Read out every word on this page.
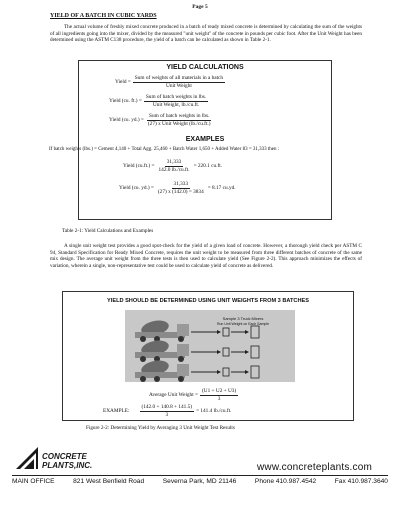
Page 5
YIELD OF A BATCH IN CUBIC YARDS
The actual volume of freshly mixed concrete produced in a batch of ready mixed concrete is determined by calculating the sum of the weights of all ingredients going into the mixer, divided by the measured "unit weight" of the concrete in pounds per cubic foot. After the Unit Weight has been determined using the ASTM C138 procedure, the yield of a batch can be calculated as shown in Table 2-1.
YIELD CALCULATIONS
Yield = $\frac{\text{Sum of weights of all materials in a batch}}{\text{Unit Weight}}$
Yield (cu. $ft.) = \frac{\text{Sum of batch weights in lbs.}}{\text{Unit Weight, lb./cu.ft.}}$
Yield (cu. $yd.) = \frac{\text{Sum of batch weights in lbs.}}{\text{(27) x Unit Weight (lb./cu.ft.)}}$
EXAMPLES
If batch weights (lbs.) = Cement 4,140 + Total Agg. 25,460 + Batch Water 1,650 + Added Water 83 = 31,333 then :
Yield $(cu.ft.) = \frac{31,333}{142.0 lb./cu.ft.} = 220.1$ cu.ft.
Yield (cu. $yd.) = \frac{31,333}{(27) x (142.0) = 3834} = 8.17$ cu.yd.
Table 2-1: Yield Calculations and Examples
A single unit weight test provides a good spot-check for the yield of a given load of concrete. However, a thorough yield check per ASTM C 94, Standard Specification for Ready Mixed Concrete, requires the unit weight to be measured from three different batches of concrete of the same mix design. The average unit weight from the three tests is then used to calculate yield (See Figure 2-2). This approach minimizes the effects of variation, wherein a single, non-representative test could be used to calculate yield of concrete as delivered.
YIELD SHOULD BE DETERMINED USING UNIT WEIGHTS FROM 3 BATCHES
Sample 3 Truck Mixers
Run Unit Weight on Each Sample
Average Unit Weight = $\frac{(U1 + U2 + U3)}{3}$
EXAMPLE: $\frac{(142.0 + 140.8 + 141.5)}{3} = 141.4$ lb./cu.ft.
Figure 2-2: Determining Yield by Averaging 3 Unit Weight Test Results
CONCRETE
PLANTS,INC.	www.concreteplants.com
MAIN OFFICE	821 West Benfield Road	Severna Park, MD 21146	Phone 410.987.4542	Fax 410.987.3640
